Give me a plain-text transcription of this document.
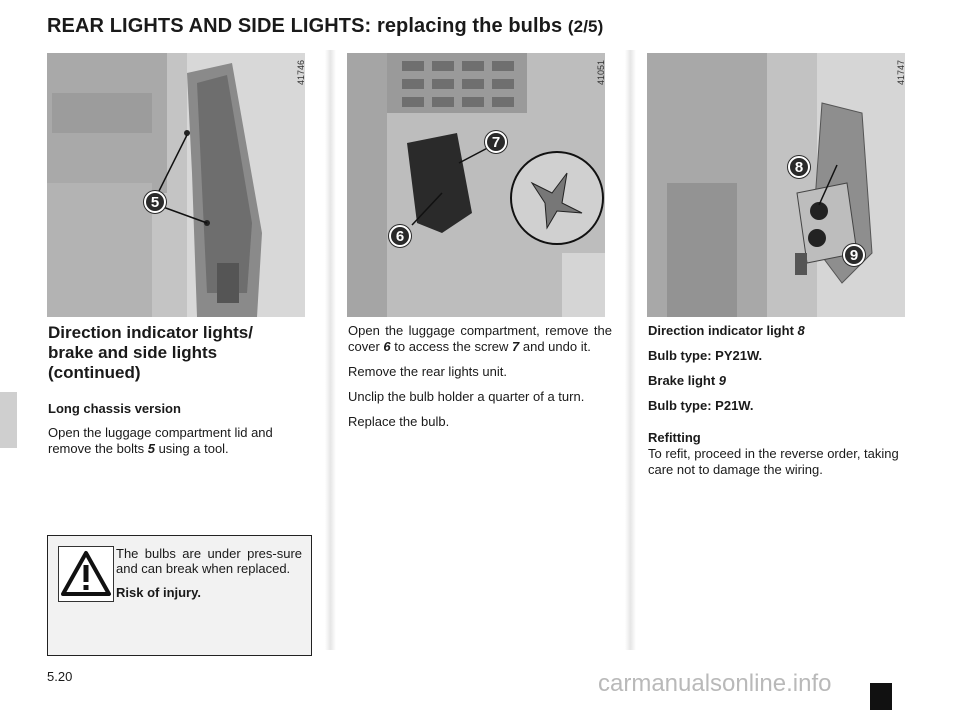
REAR LIGHTS AND SIDE LIGHTS: replacing the bulbs (2/5)
5
41746
7
6
41051
8
9
41747
Direction indicator lights/
brake and side lights
(continued)
Long chassis version
Open the luggage compartment lid and remove the bolts 5 using a tool.

Open the luggage compartment, remove the cover 6 to access the screw 7 and undo it.

Remove the rear lights unit.

Unclip the bulb holder a quarter of a turn.

Replace the bulb.

Direction indicator light 8

Bulb type: PY21W.

Brake light 9

Bulb type: P21W.

Refitting

To refit, proceed in the reverse order, taking care not to damage the wiring.

The bulbs are under pres-sure and can break when replaced.

Risk of injury.

5.20	carmanualsonline.info
